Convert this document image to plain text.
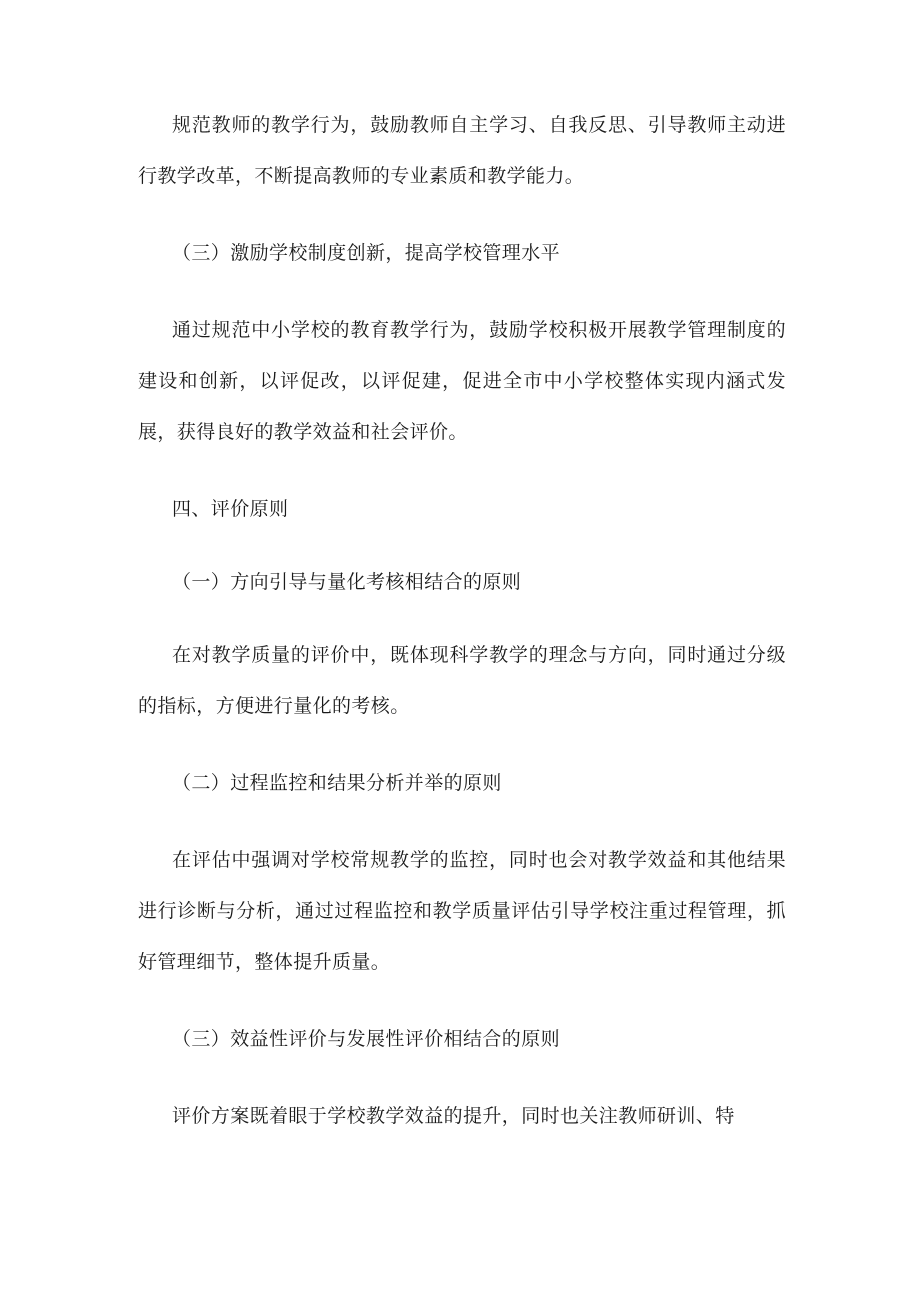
规范教师的教学行为，鼓励教师自主学习、自我反思、引导教师主动进行教学改革，不断提高教师的专业素质和教学能力。

（三）激励学校制度创新，提高学校管理水平

通过规范中小学校的教育教学行为，鼓励学校积极开展教学管理制度的建设和创新，以评促改，以评促建，促进全市中小学校整体实现内涵式发展，获得良好的教学效益和社会评价。

四、评价原则

（一）方向引导与量化考核相结合的原则

在对教学质量的评价中，既体现科学教学的理念与方向，同时通过分级的指标，方便进行量化的考核。

（二）过程监控和结果分析并举的原则

在评估中强调对学校常规教学的监控，同时也会对教学效益和其他结果进行诊断与分析，通过过程监控和教学质量评估引导学校注重过程管理，抓好管理细节，整体提升质量。

（三）效益性评价与发展性评价相结合的原则

评价方案既着眼于学校教学效益的提升，同时也关注教师研训、特
